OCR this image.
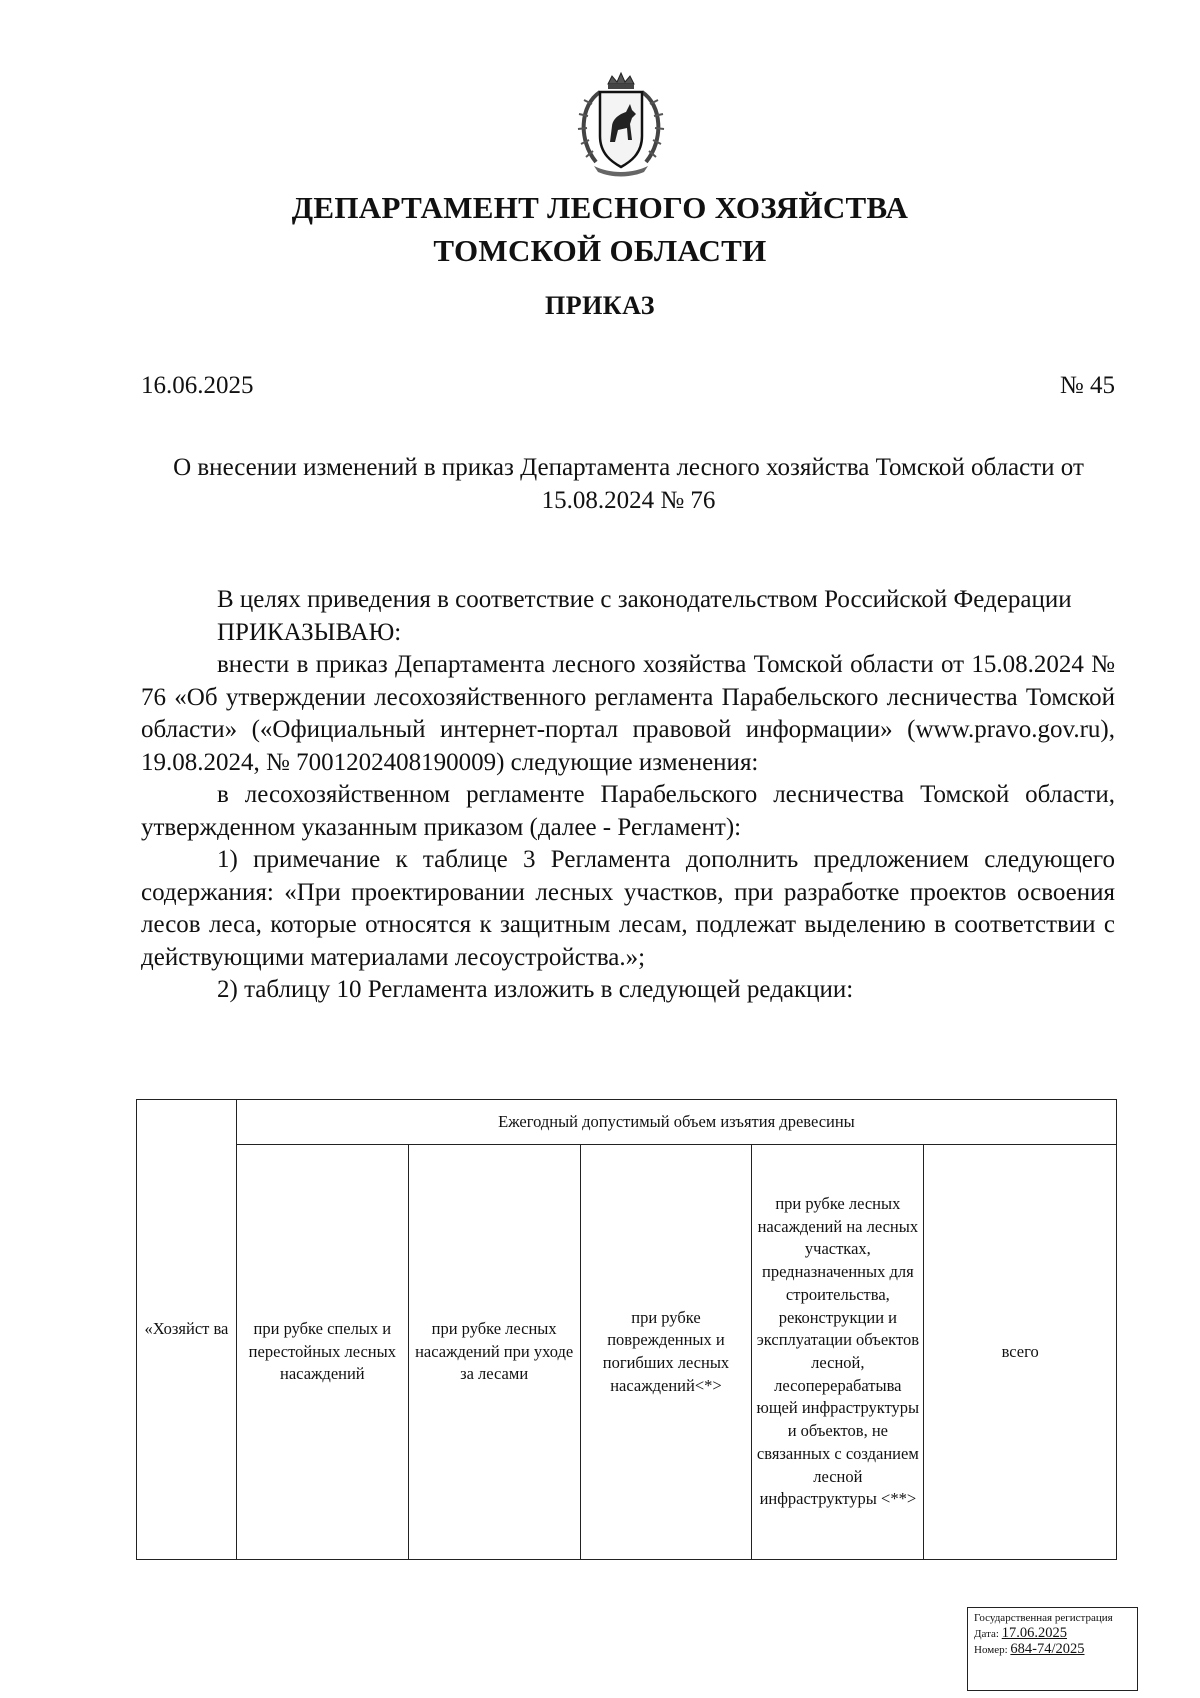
ДЕПАРТАМЕНТ ЛЕСНОГО ХОЗЯЙСТВА
ТОМСКОЙ ОБЛАСТИ
ПРИКАЗ
16.06.2025	№ 45
О внесении изменений в приказ Департамента лесного хозяйства Томской области от 15.08.2024 № 76

В целях приведения в соответствие с законодательством Российской Федерации

ПРИКАЗЫВАЮ:

внести в приказ Департамента лесного хозяйства Томской области от 15.08.2024 № 76 «Об утверждении лесохозяйственного регламента Парабельского лесничества Томской области» («Официальный интернет-портал правовой информации» (www.pravo.gov.ru), 19.08.2024, № 7001202408190009) следующие изменения:

в лесохозяйственном регламенте Парабельского лесничества Томской области, утвержденном указанным приказом (далее - Регламент):

1) примечание к таблице 3 Регламента дополнить предложением следующего содержания: «При проектировании лесных участков, при разработке проектов освоения лесов леса, которые относятся к защитным лесам, подлежат выделению в соответствии с действующими материалами лесоустройства.»;

2) таблицу 10 Регламента изложить в следующей редакции:

«Хозяйст ва	Ежегодный допустимый объем изъятия древесины				
	при рубке спелых и перестойных лесных насаждений	при рубке лесных насаждений при уходе за лесами	при рубке поврежденных и погибших лесных насаждений<*>	при рубке лесных насаждений на лесных участках, предназначенных для строительства, реконструкции и эксплуатации объектов лесной, лесоперерабатыва ющей инфраструктуры и объектов, не связанных с созданием лесной инфраструктуры <**>	всего
Государственная регистрация
Дата: 17.06.2025
Номер: 684-74/2025
